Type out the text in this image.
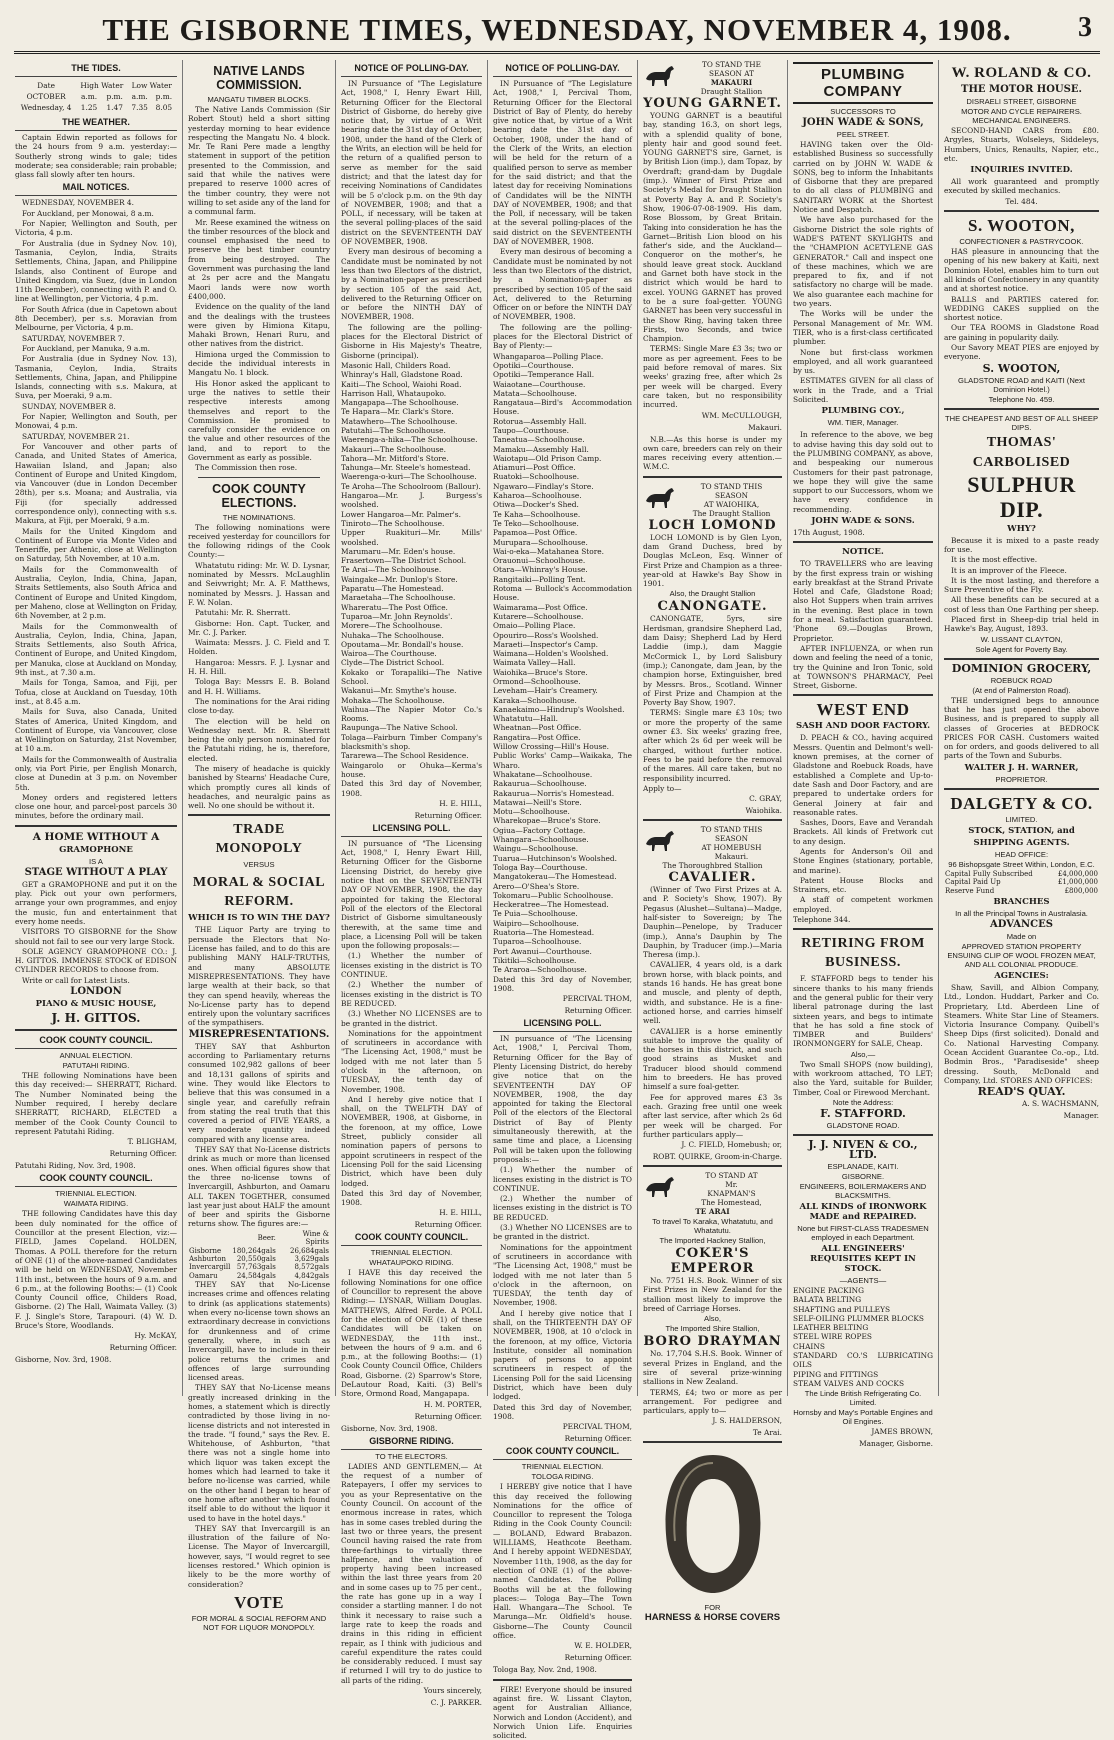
THE GISBORNE TIMES, WEDNESDAY, NOVEMBER 4, 1908.	3
THE TIDES.
Date	High Water		Low Water	
OCTOBER	a.m.	p.m.	a.m.	p.m.
Wednesday, 4	1.25	1.47	7.35	8.05
THE WEATHER.

Captain Edwin reported as follows for the 24 hours from 9 a.m. yesterday:—Southerly strong winds to gale; tides moderate; sea considerable; rain probable; glass fall slowly after ten hours.

MAIL NOTICES.

WEDNESDAY, NOVEMBER 4.

For Auckland, per Monowai, 8 a.m.

For Napier, Wellington and South, per Victoria, 4 p.m.

For Australia (due in Sydney Nov. 10), Tasmania, Ceylon, India, Straits Settlements, China, Japan, and Philippine Islands, also Continent of Europe and United Kingdom, via Suez, (due in London 11th December), connecting with P. and O. line at Wellington, per Victoria, 4 p.m.

For South Africa (due in Capetown about 8th December), per s.s. Moravian from Melbourne, per Victoria, 4 p.m.

SATURDAY, NOVEMBER 7.

For Auckland, per Manuka, 9 a.m.

For Australia (due in Sydney Nov. 13), Tasmania, Ceylon, India, Straits Settlements, China, Japan, and Philippine Islands, connecting with s.s. Makura, at Suva, per Moeraki, 9 a.m.

SUNDAY, NOVEMBER 8.

For Napier, Wellington and South, per Monowai, 4 p.m.

SATURDAY, NOVEMBER 21.

For Vancouver and other parts of Canada, and United States of America, Hawaiian Island, and Japan; also Continent of Europe and United Kingdom, via Vancouver (due in London December 28th), per s.s. Moana; and Australia, via Fiji (for specially addressed correspondence only), connecting with s.s. Makura, at Fiji, per Moeraki, 9 a.m.

Mails for the United Kingdom and Continent of Europe via Monte Video and Teneriffe, per Athenic, close at Wellington on Saturday, 5th November, at 10 a.m.

Mails for the Commonwealth of Australia, Ceylon, India, China, Japan, Straits Settlements, also South Africa and Continent of Europe and United Kingdom, per Maheno, close at Wellington on Friday, 6th November, at 2 p.m.

Mails for the Commonwealth of Australia, Ceylon, India, China, Japan, Straits Settlements, also South Africa, Continent of Europe, and United Kingdom, per Manuka, close at Auckland on Monday, 9th inst., at 7.30 a.m.

Mails for Tonga, Samoa, and Fiji, per Tofua, close at Auckland on Tuesday, 10th inst., at 8.45 a.m.

Mails for Suva, also Canada, United States of America, United Kingdom, and Continent of Europe, via Vancouver, close at Wellington on Saturday, 21st November, at 10 a.m.

Mails for the Commonwealth of Australia only, via Port Pirie, per English Monarch, close at Dunedin at 3 p.m. on November 5th.

Money orders and registered letters close one hour, and parcel-post parcels 30 minutes, before the ordinary mail.

A HOME WITHOUT A
GRAMOPHONE
IS A
STAGE WITHOUT A PLAY

GET a GRAMOPHONE and put it on the play. Pick out your own performers, arrange your own programmes, and enjoy the music, fun and entertainment that every home needs.

VISITORS TO GISBORNE for the Show should not fail to see our very large Stock.

SOLE AGENCY GRAMOPHONE CO.: J. H. GITTOS. IMMENSE STOCK of EDISON CYLINDER RECORDS to choose from.

Write or call for Latest Lists.

LONDON
PIANO & MUSIC HOUSE,
J. H. GITTOS.
COOK COUNTY COUNCIL.
ANNUAL ELECTION.
PATUTAHI RIDING.

THE following Nominations have been this day received:— SHERRATT, Richard. The Number Nominated being the Number required, I hereby declare SHERRATT, RICHARD, ELECTED a member of the Cook County Council to represent Patutahi Riding.

T. BLIGHAM,
Returning Officer.
Patutahi Riding, Nov. 3rd, 1908.
COOK COUNTY COUNCIL.
TRIENNIAL ELECTION.
WAIMATA RIDING.

THE following Candidates have this day been duly nominated for the office of Councillor at the present Election, viz:— FIELD, James Copeland. HOLDEN, Thomas. A POLL therefore for the return of ONE (1) of the above-named Candidates will be held on WEDNESDAY, November 11th inst., between the hours of 9 a.m. and 6 p.m., at the following Booths:— (1) Cook County Council office, Childers Road, Gisborne. (2) The Hall, Waimata Valley. (3) F. J. Single's Store, Tarapouri. (4) W. D. Bruce's Store, Woodlands.

Hy. McKAY,
Returning Officer.
Gisborne, Nov. 3rd, 1908.
NATIVE LANDS COMMISSION.
MANGATU TIMBER BLOCKS.

The Native Lands Commission (Sir Robert Stout) held a short sitting yesterday morning to hear evidence respecting the Mangatu No. 4 block. Mr. Te Rani Pere made a lengthy statement in support of the petition presented to the Commission, and said that while the natives were prepared to reserve 1000 acres of the timber country, they were not willing to set aside any of the land for a communal farm.

Mr. Reese examined the witness on the timber resources of the block and counsel emphasised the need to preserve the best timber country from being destroyed. The Government was purchasing the land at 2s per acre and the Mangatu Maori lands were now worth £400,000.

Evidence on the quality of the land and the dealings with the trustees were given by Himiona Kitapu, Mahaki Brown, Henari Ruru, and other natives from the district.

Himiona urged the Commission to decide the individual interests in Mangatu No. 1 block.

His Honor asked the applicant to urge the natives to settle their respective interests among themselves and report to the Commission. He promised to carefully consider the evidence on the value and other resources of the land, and to report to the Government as early as possible.

The Commission then rose.

COOK COUNTY ELECTIONS.
THE NOMINATIONS.

The following nominations were received yesterday for councillors for the following ridings of the Cook County:—

Whatatutu riding: Mr. W. D. Lysnar, nominated by Messrs. McLaughlin and Seivwright; Mr. A. F. Matthews, nominated by Messrs. J. Hassan and F. W. Nolan.

Patutahi: Mr. R. Sherratt.

Gisborne: Hon. Capt. Tucker, and Mr. C. J. Parker.

Waimata: Messrs. J. C. Field and T. Holden.

Hangaroa: Messrs. F. J. Lysnar and H. H. Hill.

Tologa Bay: Messrs E. B. Boland and H. H. Williams.

The nominations for the Arai riding close to-day.

The election will be held on Wednesday next. Mr. R. Sherratt being the only person nominated for the Patutahi riding, he is, therefore, elected.

The misery of headache is quickly banished by Stearns' Headache Cure, which promptly cures all kinds of headaches, and neuralgic pains as well. No one should be without it.

TRADE MONOPOLY
VERSUS
MORAL & SOCIAL REFORM.
WHICH IS TO WIN THE DAY?

THE Liquor Party are trying to persuade the Electors that No-License has failed, and to do this are publishing MANY HALF-TRUTHS, and many ABSOLUTE MISREPRESENTATIONS. They have large wealth at their back, so that they can spend heavily, whereas the No-License party has to depend entirely upon the voluntary sacrifices of the sympathisers.

MISREPRESENTATIONS.

THEY SAY that Ashburton according to Parliamentary returns consumed 102,982 gallons of beer and 18,131 gallons of spirits and wine. They would like Electors to believe that this was consumed in a single year, and carefully refrain from stating the real truth that this covered a period of FIVE YEARS, a very moderate quantity indeed compared with any license area.

THEY SAY that No-License districts drink as much or more than licensed ones. When official figures show that the three no-license towns of Invercargill, Ashburton, and Oamaru ALL TAKEN TOGETHER, consumed last year just about HALF the amount of beer and spirits the Gisborne returns show. The figures are:—

	Beer.	Wine & Spirits
Gisborne	180,264gals	26,684gals
Ashburton	20,550gals	3,629gals
Invercargill	57,763gals	8,572gals
Oamaru	24,584gals	4,842gals

THEY SAY that No-License increases crime and offences relating to drink (as applications statements) when every no-license town shows an extraordinary decrease in convictions for drunkenness and of crime generally, where, in such as Invercargill, have to include in their police returns the crimes and offences of large surrounding licensed areas.

THEY SAY that No-License means greatly increased drinking in the homes, a statement which is directly contradicted by those living in no-license districts and not interested in the trade. "I found," says the Rev. E. Whitehouse, of Ashburton, "that there was not a single home into which liquor was taken except the homes which had learned to take it before no-license was carried, while on the other hand I began to hear of one home after another which found itself able to do without the liquor it used to have in the hotel days."

THEY SAY that Invercargill is an illustration of the failure of No-License. The Mayor of Invercargill, however, says, "I would regret to see licenses restored." Which opinion is likely to be the more worthy of consideration?

VOTE
FOR MORAL & SOCIAL REFORM AND NOT FOR LIQUOR MONOPOLY.
NOTICE OF POLLING-DAY.

IN Pursuance of "The Legislature Act, 1908," I, Henry Ewart Hill, Returning Officer for the Electoral District of Gisborne, do hereby give notice that, by virtue of a Writ bearing date the 31st day of October, 1908, under the hand of the Clerk of the Writs, an election will be held for the return of a qualified person to serve as member for the said district; and that the latest day for receiving Nominations of Candidates will be 5 o'clock p.m. on the 9th day of NOVEMBER, 1908; and that a POLL, if necessary, will be taken at the several polling-places of the said district on the SEVENTEENTH DAY OF NOVEMBER, 1908.

Every man desirous of becoming a Candidate must be nominated by not less than two Electors of the district, by a Nomination-paper as prescribed by section 105 of the said Act, delivered to the Returning Officer on or before the NINTH DAY of NOVEMBER, 1908.

The following are the polling-places for the Electoral District of Gisborne in His Majesty's Theatre, Gisborne (principal).

Masonic Hall, Childers Road.
Whinray's Hall, Gladstone Road.
Kaiti—The School, Waiohi Road.
Harrison Hall, Whataupoko.
Mangapapa—The Schoolhouse.
Te Hapara—Mr. Clark's Store.
Matawhero—The Schoolhouse.
Patutahi—The Schoolhouse.
Waerenga-a-hika—The Schoolhouse.
Makauri—The Schoolhouse.
Tahora—Mr. Mitford's Store.
Tahunga—Mr. Steele's homestead.
Waerenga-o-kuri—The Schoolhouse.
Te Aroha—The Schoolroom (Ballour).
Hangaroa—Mr. J. Burgess's woolshed.
Lower Hangaroa—Mr. Palmer's.
Tiniroto—The Schoolhouse.
Upper Ruakituri—Mr. Mills' woolshed.
Marumaru—Mr. Eden's house.
Frasertown—The District School.
Te Arai—The Schoolhouse.
Waingake—Mr. Dunlop's Store.
Paparatu—The Homestead.
Maraetaha—The Schoolhouse.
Whareratu—The Post Office.
Tuparoa—Mr. John Reynolds'.
Morere—The Schoolhouse.
Nuhaka—The Schoolhouse.
Opoutama—Mr. Bondall's house.
Wairoa—The Courthouse.
Clyde—The District School.
Kokako or Torapaliki—The Native School.
Wakanui—Mr. Smythe's house.
Mohaka—The Schoolhouse.
Waihua—The Napier Motor Co.'s Rooms.
Raupunga—The Native School.
Tolaga—Fairburn Timber Company's blacksmith's shop.
Tararewa—The School Residence.
Waingarolo or Ohuka—Kerma's house.
Dated this 3rd day of November, 1908.
H. E. HILL,
Returning Officer.
LICENSING POLL.

IN pursuance of "The Licensing Act, 1908," I, Henry Ewart Hill, Returning Officer for the Gisborne Licensing District, do hereby give notice that on the SEVENTEENTH DAY OF NOVEMBER, 1908, the day appointed for taking the Electoral Poll of the electors of the Electoral District of Gisborne simultaneously therewith, at the same time and place, a Licensing Poll will be taken upon the following proposals:—

(1.) Whether the number of licenses existing in the district is TO CONTINUE.

(2.) Whether the number of licenses existing in the district is TO BE REDUCED.

(3.) Whether NO LICENSES are to be granted in the district.

Nominations for the appointment of scrutineers in accordance with "The Licensing Act, 1908," must be lodged with me not later than 5 o'clock in the afternoon, on TUESDAY, the tenth day of November, 1908.

And I hereby give notice that I shall, on the TWELFTH DAY of NOVEMBER, 1908, at Gisborne, in the forenoon, at my office, Lowe Street, publicly consider all nomination papers of persons to appoint scrutineers in respect of the Licensing Poll for the said Licensing District, which have been duly lodged.

Dated this 3rd day of November, 1908.
H. E. HILL,
Returning Officer.
COOK COUNTY COUNCIL.
TRIENNIAL ELECTION.
WHATAUPOKO RIDING.

I HAVE this day received the following Nominations for one office of Councillor to represent the above Riding:— LYSNAR, William Douglas. MATTHEWS, Alfred Forde. A POLL for the election of ONE (1) of these Candidates will be taken on WEDNESDAY, the 11th inst., between the hours of 9 a.m. and 6 p.m., at the following Booths:— (1) Cook County Council Office, Childers Road, Gisborne. (2) Sparrow's Store, DeLautour Road, Kaiti. (3) Bell's Store, Ormond Road, Mangapapa.

H. M. PORTER,
Returning Officer.
Gisborne, Nov. 3rd, 1908.
GISBORNE RIDING.
TO THE ELECTORS.

LADIES AND GENTLEMEN,— At the request of a number of Ratepayers, I offer my services to you as your Representative on the County Council. On account of the enormous increase in rates, which has in some cases trebled during the last two or three years, the present Council having raised the rate from three-farthings to virtually three halfpence, and the valuation of property having been increased within the last three years from 20 and in some cases up to 75 per cent., the rate has gone up in a way I consider a startling manner. I do not think it necessary to raise such a large rate to keep the roads and drains in this riding in efficient repair, as I think with judicious and careful expenditure the rates could be considerably reduced. I must say if returned I will try to do justice to all parts of the riding.

Yours sincerely,
C. J. PARKER.
NOTICE OF POLLING-DAY.

IN Pursuance of "The Legislature Act, 1908," I, Percival Thom, Returning Officer for the Electoral District of Bay of Plenty, do hereby give notice that, by virtue of a Writ bearing date the 31st day of October, 1908, under the hand of the Clerk of the Writs, an election will be held for the return of a qualified person to serve as member for the said district; and that the latest day for receiving Nominations of Candidates will be the NINTH DAY of NOVEMBER, 1908; and that the Poll, if necessary, will be taken at the several polling-places of the said district on the SEVENTEENTH DAY of NOVEMBER, 1908.

Every man desirous of becoming a Candidate must be nominated by not less than two Electors of the district, by a Nomination-paper as prescribed by section 105 of the said Act, delivered to the Returning Officer on or before the NINTH DAY of NOVEMBER, 1908.

The following are the polling-places for the Electoral District of Bay of Plenty:—

Whangaparoa—Polling Place.
Opotiki—Courthouse.
Opotiki—Temperance Hall.
Waiaotane—Courthouse.
Matata—Schoolhouse.
Rangataua—Bird's Accommodation House.
Rotorua—Assembly Hall.
Taupo—Courthouse.
Taneatua—Schoolhouse.
Mamaku—Assembly Hall.
Waiotapu—Old Prison Camp.
Atiamuri—Post Office.
Ruatoki—Schoolhouse.
Ngawaro—Findlay's Store.
Kaharoa—Schoolhouse.
Otiwa—Docker's Shed.
Te Kaha—Schoolhouse.
Te Teko—Schoolhouse.
Papamoa—Post Office.
Murupara—Schoolhouse.
Wai-o-eka—Matahanea Store.
Orauonui—Schoolhouse.
Otara—Whinray's House.
Rangitaiki—Polling Tent.
Rotoma — Bullock's Accommodation House.
Waimarama—Post Office.
Kutarere—Schoolhouse.
Omaio—Polling Place.
Opouriro—Ross's Woolshed.
Maraeti—Inspector's Camp.
Waimana—Holden's Woolshed.
Waimata Valley—Hall.
Waiohika—Bruce's Store.
Ormond—Schoolhouse.
Leveham—Hair's Creamery.
Karaka—Schoolhouse.
Kanaekaimo—Hindrup's Woolshed.
Whatatutu—Hall.
Wheatnan—Post Office.
Rangatira—Post Office.
Willow Crossing—Hill's House.
Public Works' Camp—Waikaka, The Wharo.
Whakatane—Schoolhouse.
Rakaurua—Schoolhouse.
Rakaurua—Norris's Homestead.
Matawai—Neill's Store.
Motu—Schoolhouse.
Wharekopae—Bruce's Store.
Ogiua—Factory Cottage.
Whangara—Schoolhouse.
Waingu—Schoolhouse.
Tuarua—Hutchinson's Woolshed.
Tologa Bay—Courthouse.
Mangatokerau—The Homestead.
Arero—O'Shea's Store.
Tokomaru—Public Schoolhouse.
Heckeratree—The Homestead.
Te Puia—Schoolhouse.
Waipiro—Schoolhouse.
Ruatoria—The Homestead.
Tuparoa—Schoolhouse.
Port Awanui—Courthouse.
Tikitiki—Schoolhouse.
Te Araroa—Schoolhouse.
Dated this 3rd day of November, 1908.
PERCIVAL THOM,
Returning Officer.
LICENSING POLL.

IN pursuance of "The Licensing Act, 1908," I, Percival Thom, Returning Officer for the Bay of Plenty Licensing District, do hereby give notice that on the SEVENTEENTH DAY OF NOVEMBER, 1908, the day appointed for taking the Electoral Poll of the electors of the Electoral District of Bay of Plenty simultaneously therewith, at the same time and place, a Licensing Poll will be taken upon the following proposals:—

(1.) Whether the number of licenses existing in the district is TO CONTINUE.

(2.) Whether the number of licenses existing in the district is TO BE REDUCED.

(3.) Whether NO LICENSES are to be granted in the district.

Nominations for the appointment of scrutineers in accordance with "The Licensing Act, 1908," must be lodged with me not later than 5 o'clock in the afternoon, on TUESDAY, the tenth day of November, 1908.

And I hereby give notice that I shall, on the THIRTEENTH DAY OF NOVEMBER, 1908, at 10 o'clock in the forenoon, at my office, Victoria Institute, consider all nomination papers of persons to appoint scrutineers in respect of the Licensing Poll for the said Licensing District, which have been duly lodged.

Dated this 3rd day of November, 1908.
PERCIVAL THOM,
Returning Officer.
COOK COUNTY COUNCIL.
TRIENNIAL ELECTION.
TOLOGA RIDING.

I HEREBY give notice that I have this day received the following Nominations for the office of Councillor to represent the Tologa Riding in the Cook County Council:— BOLAND, Edward Brabazon. WILLIAMS, Heathcote Beetham. And I hereby appoint WEDNESDAY, November 11th, 1908, as the day for election of ONE (1) of the above-named Candidates. The Polling Booths will be at the following places:— Tologa Bay—The Town Hall. Whangara—The School. Te Marunga—Mr. Oldfield's house. Gisborne—The County Council office.

W. E. HOLDER,
Returning Officer.
Tologa Bay, Nov. 2nd, 1908.

FIRE! Everyone should be insured against fire. W. Lissant Clayton, agent for Australian Alliance, Norwich and London (Accident), and Norwich Union Life. Enquiries solicited.

TO STAND THE
SEASON AT
MAKAURI
Draught Stallion
YOUNG GARNET.

YOUNG GARNET is a beautiful bay, standing 16.3, on short legs, with a splendid quality of bone, plenty hair and good sound feet. YOUNG GARNET'S sire, Garnet, is by British Lion (imp.), dam Topaz, by Overdraft; grand-dam by Dugdale (imp.). Winner of First Prize and Society's Medal for Draught Stallion at Poverty Bay A. and P. Society's Show, 1906-07-08-1909. His dam, Rose Blossom, by Great Britain. Taking into consideration he has the Garnet—British Lion blood on his father's side, and the Auckland—Conqueror on the mother's, he should leave great stock. Auckland and Garnet both have stock in the district which would be hard to excel. YOUNG GARNET has proved to be a sure foal-getter. YOUNG GARNET has been very successful in the Show Ring, having taken three Firsts, two Seconds, and twice Champion.

TERMS: Single Mare £3 3s; two or more as per agreement. Fees to be paid before removal of mares. Six weeks' grazing free, after which 2s per week will be charged. Every care taken, but no responsibility incurred.

WM. McCULLOUGH,
Makauri.

N.B.—As this horse is under my own care, breeders can rely on their mares receiving every attention.—W.M.C.

TO STAND THIS
SEASON
AT WAIOHIKA,
The Draught Stallion
LOCH LOMOND

LOCH LOMOND is by Glen Lyon, dam Grand Duchess, bred by Douglas McLeon, Esq. Winner of First Prize and Champion as a three-year-old at Hawke's Bay Show in 1901.

Also, the Draught Stallion
CANONGATE.

CANONGATE, 5yrs, sire Herdsman, grandsire Shepherd Lad, dam Daisy; Shepherd Lad by Herd Laddie (imp.), dam Maggie McCormick I., by Lord Salisbury (imp.); Canongate, dam Jean, by the champion horse, Extinguisher, bred by Messrs. Bros., Scotland. Winner of First Prize and Champion at the Poverty Bay Show, 1907.

TERMS: Single mare £3 10s; two or more the property of the same owner £3. Six weeks' grazing free, after which 2s 6d per week will be charged, without further notice. Fees to be paid before the removal of the mares. All care taken, but no responsibility incurred.

Apply to—
C. GRAY,
Waiohika.
TO STAND THIS
SEASON
AT HOMEBUSH
Makauri.
The Thoroughbred Stallion
CAVALIER.

(Winner of Two First Prizes at A. and P. Society's Show, 1907). By Pegasus (Alushet—Sultana)—Madge, half-sister to Sovereign; by The Dauphin—Penelope, by Traducer (imp.), Anna's Dauphin by The Dauphin, by Traducer (imp.)—Maria Theresa (imp.).

CAVALIER, 4 years old, is a dark brown horse, with black points, and stands 16 hands. He has great bone and muscle, and plenty of depth, width, and substance. He is a fine-actioned horse, and carries himself well.

CAVALIER is a horse eminently suitable to improve the quality of the horses in this district, and such good strains as Musket and Traducer blood should commend him to breeders. He has proved himself a sure foal-getter.

Fee for approved mares £3 3s each. Grazing free until one week after last service, after which 2s 6d per week will be charged. For further particulars apply—

J. C. FIELD, Homebush; or,
ROBT. QUIRKE, Groom-in-Charge.
TO STAND AT
Mr.
KNAPMAN'S
The Homestead,
TE ARAI
To travel To Karaka, Whatatutu, and Whatatutu.
The Imported Hackney Stallion,
COKER'S EMPEROR

No. 7751 H.S. Book. Winner of six First Prizes in New Zealand for the stallion most likely to improve the breed of Carriage Horses.

Also,
The Imported Shire Stallion,
BORO DRAYMAN

No. 17,704 S.H.S. Book. Winner of several Prizes in England, and the sire of several prize-winning stallions in New Zealand.

TERMS, £4; two or more as per arrangement. For pedigree and particulars, apply to—

J. S. HALDERSON,
Te Arai.
E. WILLIAMS
FOR
HARNESS & HORSE COVERS
PLUMBING COMPANY
SUCCESSORS TO
JOHN WADE & SONS,
PEEL STREET.

HAVING taken over the Old-established Business so successfully carried on by JOHN W. WADE & SONS, beg to inform the Inhabitants of Gisborne that they are prepared to do all class of PLUMBING and SANITARY WORK at the Shortest Notice and Despatch.

We have also purchased for the Gisborne District the sole rights of WADE'S PATENT SKYLIGHTS and the "CHAMPION ACETYLENE GAS GENERATOR." Call and inspect one of these machines, which we are prepared to fix, and if not satisfactory no charge will be made. We also guarantee each machine for two years.

The Works will be under the Personal Management of Mr. WM. TIER, who is a first-class certificated plumber.

None but first-class workmen employed, and all work guaranteed by us.

ESTIMATES GIVEN for all class of work in the Trade, and a Trial Solicited.

PLUMBING COY.,
WM. TIER, Manager.

In reference to the above, we beg to advise having this day sold out to the PLUMBING COMPANY, as above, and bespeaking our numerous Customers for their past patronage, we hope they will give the same support to our Successors, whom we have every confidence in recommending.

JOHN WADE & SONS.
17th August, 1908.
NOTICE.

TO TRAVELLERS who are leaving by the first express train or wishing early breakfast at the Strand Private Hotel and Cafe, Gladstone Road; also Hot Suppers when train arrives in the evening. Best place in town for a meal. Satisfaction guaranteed. 'Phone 69.—Douglas Brown, Proprietor.

AFTER INFLUENZA, or when run down and feeling the need of a tonic, try the Quinine and Iron Tonic, sold at TOWNSON'S PHARMACY, Peel Street, Gisborne.

WEST END
SASH AND DOOR FACTORY.

D. PEACH & CO., having acquired Messrs. Quentin and Delmont's well-known premises, at the corner of Gladstone and Roebuck Roads, have established a Complete and Up-to-date Sash and Door Factory, and are prepared to undertake orders for General Joinery at fair and reasonable rates.

Sashes, Doors, Eave and Verandah Brackets. All kinds of Fretwork cut to any design.

Agents for Anderson's Oil and Stone Engines (stationary, portable, and marine).

Patent House Blocks and Strainers, etc.

A staff of competent workmen employed.

Telephone 344.
RETIRING FROM BUSINESS.

F. STAFFORD begs to tender his sincere thanks to his many friends and the general public for their very liberal patronage during the last sixteen years, and begs to intimate that he has sold a fine stock of TIMBER and Builders' IRONMONGERY for SALE, Cheap.

Also,—

Two Small SHOPS (now building), with workroom attached, TO LET; also the Yard, suitable for Builder, Timber, Coal or Firewood Merchant.

Note the Address:
F. STAFFORD.
GLADSTONE ROAD.
J. J. NIVEN & CO., LTD.
ESPLANADE, KAITI.
GISBORNE.
ENGINEERS, BOILERMAKERS AND BLACKSMITHS.
ALL KINDS of IRONWORK MADE and REPAIRED.
None but FIRST-CLASS TRADESMEN employed in each Department.
ALL ENGINEERS' REQUISITES KEPT IN STOCK.
—AGENTS—
ENGINE PACKING
BALATA BELTING
SHAFTING and PULLEYS
SELF-OILING PLUMMER BLOCKS
LEATHER BELTING
STEEL WIRE ROPES
CHAINS
STANDARD CO.'S LUBRICATING OILS
PIPING and FITTINGS
STEAM VALVES AND COCKS
The Linde British Refrigerating Co. Limited.
Hornsby and May's Portable Engines and Oil Engines.
JAMES BROWN,
Manager, Gisborne.
W. ROLAND & CO.
THE MOTOR HOUSE.
DISRAELI STREET, GISBORNE
MOTOR AND CYCLE REPAIRERS. MECHANICAL ENGINEERS.

SECOND-HAND CARS from £80. Argyles, Stuarts, Wolseleys, Siddeleys, Humbers, Unics, Renaults, Napier, etc., etc.

INQUIRIES INVITED.

All work guaranteed and promptly executed by skilled mechanics.

Tel. 484.
S. WOOTON,
CONFECTIONER & PASTRYCOOK.

HAS pleasure in announcing that the opening of his new bakery at Kaiti, next Dominion Hotel, enables him to turn out all kinds of Confectionery in any quantity and at shortest notice.

BALLS and PARTIES catered for. WEDDING CAKES supplied on the shortest notice.

Our TEA ROOMS in Gladstone Road are gaining in popularity daily.

Our Savory MEAT PIES are enjoyed by everyone.

S. WOOTON,
GLADSTONE ROAD and KAITI (Next Dominion Hotel.)
Telephone No. 459.
THE CHEAPEST AND BEST OF ALL SHEEP DIPS.
THOMAS'
CARBOLISED
SULPHUR
DIP.
WHY?

Because it is mixed to a paste ready for use.

It is the most effective.

It is an improver of the Fleece.

It is the most lasting, and therefore a Sure Preventive of the Fly.

All these benefits can be secured at a cost of less than One Farthing per sheep.

Placed first in Sheep-dip trial held in Hawke's Bay, August, 1893.

W. LISSANT CLAYTON,
Sole Agent for Poverty Bay.
DOMINION GROCERY,
ROEBUCK ROAD
(At end of Palmerston Road).

THE undersigned begs to announce that he has just opened the above Business, and is prepared to supply all classes of Groceries at BEDROCK PRICES FOR CASH. Customers waited on for orders, and goods delivered to all parts of the Town and Suburbs.

WALTER J. H. WARNER,
PROPRIETOR.
DALGETY & CO.
LIMITED.
STOCK, STATION, and
SHIPPING AGENTS.
HEAD OFFICE:
96 Bishopsgate Street Within, London, E.C.
Capital Fully Subscribed	£4,000,000
Capital Paid Up	£1,000,000
Reserve Fund	£800,000
BRANCHES
In all the Principal Towns in Australasia.
ADVANCES
Made on
APPROVED STATION PROPERTY ENSUING CLIP OF WOOL FROZEN MEAT, AND ALL COLONIAL PRODUCE.
AGENCIES:

Shaw, Savill, and Albion Company, Ltd., London. Huddart, Parker and Co. Proprietary, Ltd. Aberdeen Line of Steamers. White Star Line of Steamers. Victoria Insurance Company. Quibell's Sheep Dips (first solicited). Donald and Co. National Harvesting Company. Ocean Accident Guarantee Co.-op., Ltd. Bodmin Bros., "Paradiseside" sheep dressing. South, McDonald and Company, Ltd. STORES AND OFFICES:

READ'S QUAY.
A. S. WACHSMANN,
Manager.
